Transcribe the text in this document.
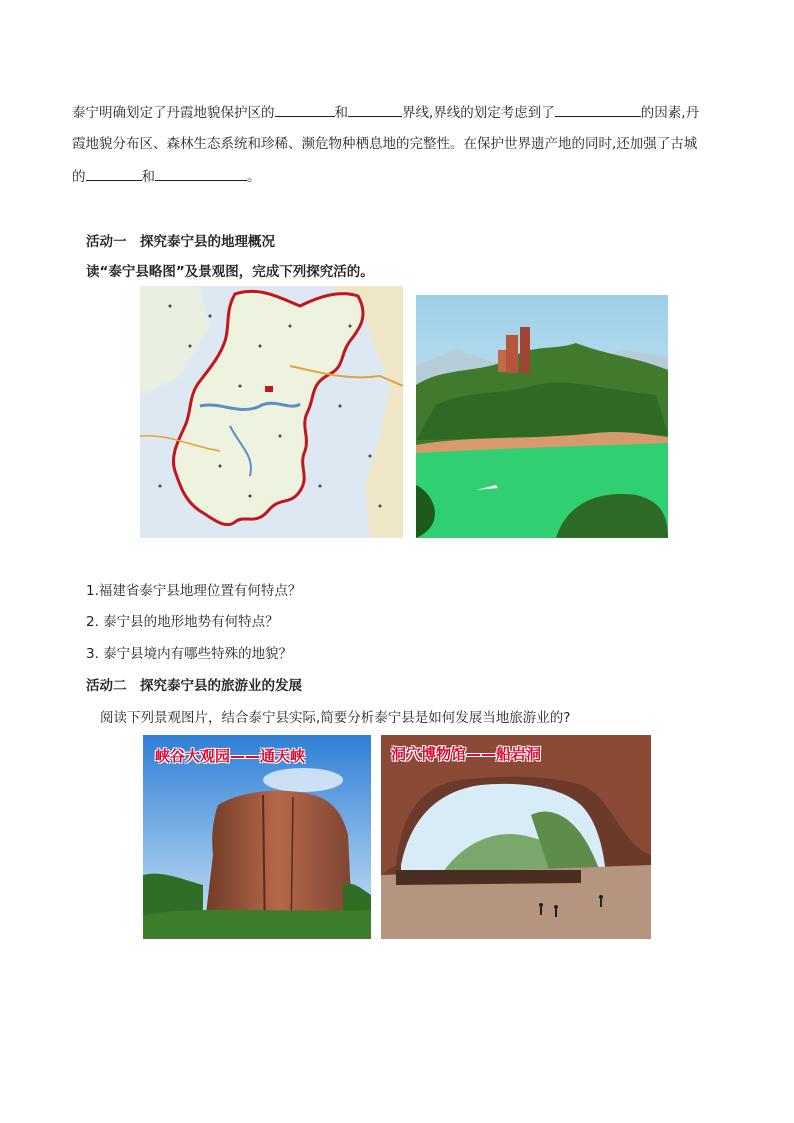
泰宁明确划定了丹霞地貌保护区的	和	界线,界线的划定考虑到了	的因素,丹
霞地貌分布区、森林生态系统和珍稀、濒危物种栖息地的完整性。在保护世界遗产地的同时,还加强了古城
的	和	。
活动一　探究泰宁县的地理概况
读“泰宁县略图”及景观图，完成下列探究活的。
1.福建省泰宁县地理位置有何特点？
2. 泰宁县的地形地势有何特点？
3. 泰宁县境内有哪些特殊的地貌？
活动二　探究泰宁县的旅游业的发展
阅读下列景观图片，结合泰宁县实际,简要分析泰宁县是如何发展当地旅游业的?
峡谷大观园——通天峡	洞穴博物馆——船岩洞
